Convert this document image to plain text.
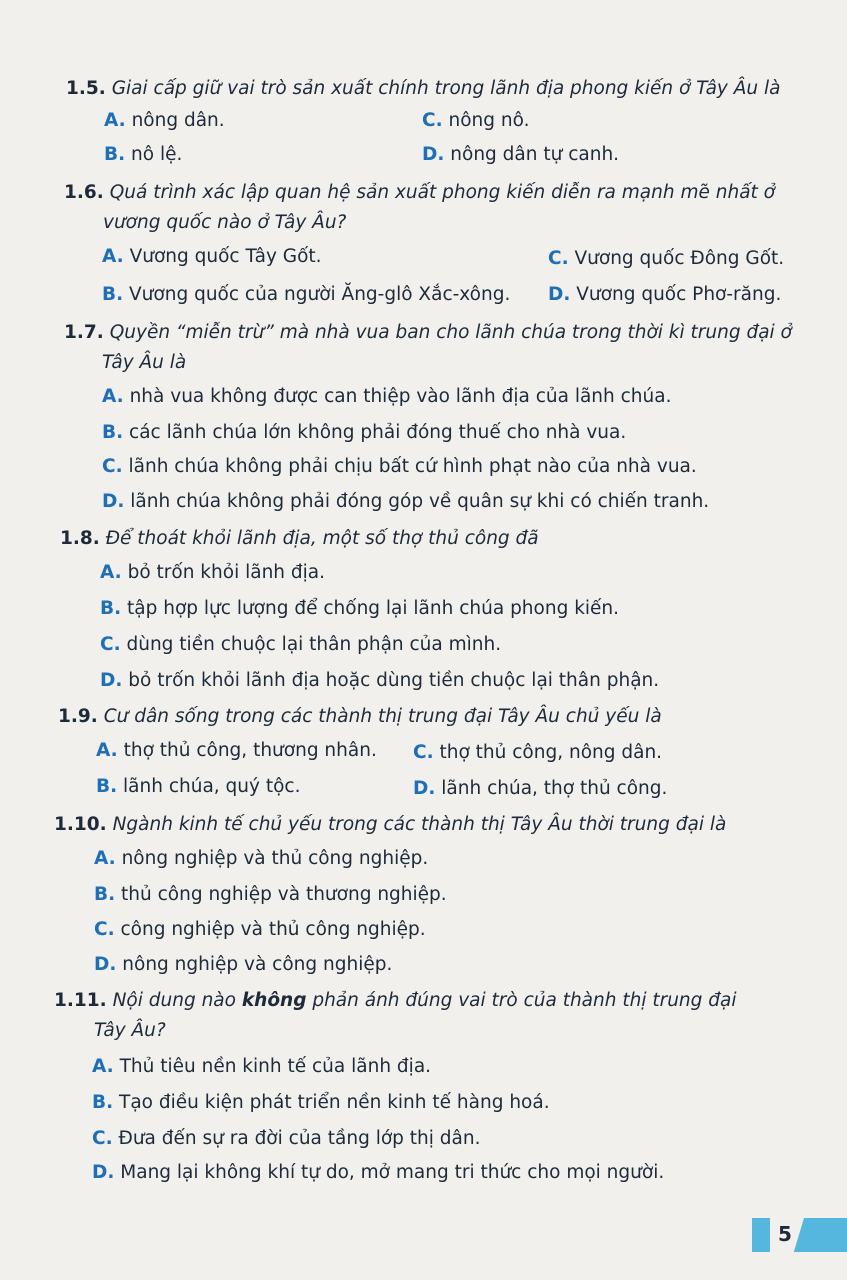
1.5. Giai cấp giữ vai trò sản xuất chính trong lãnh địa phong kiến ở Tây Âu là
A. nông dân.	C. nông nô.
B. nô lệ.	D. nông dân tự canh.
1.6. Quá trình xác lập quan hệ sản xuất phong kiến diễn ra mạnh mẽ nhất ở
vương quốc nào ở Tây Âu?
A. Vương quốc Tây Gốt.	C. Vương quốc Đông Gốt.
B. Vương quốc của người Ăng-glô Xắc-xông. D. Vương quốc Phơ-răng.
1.7. Quyền “miễn trừ” mà nhà vua ban cho lãnh chúa trong thời kì trung đại ở
Tây Âu là
A. nhà vua không được can thiệp vào lãnh địa của lãnh chúa.
B. các lãnh chúa lớn không phải đóng thuế cho nhà vua.
C. lãnh chúa không phải chịu bất cứ hình phạt nào của nhà vua.
D. lãnh chúa không phải đóng góp về quân sự khi có chiến tranh.
1.8. Để thoát khỏi lãnh địa, một số thợ thủ công đã
A. bỏ trốn khỏi lãnh địa.
B. tập hợp lực lượng để chống lại lãnh chúa phong kiến.
C. dùng tiền chuộc lại thân phận của mình.
D. bỏ trốn khỏi lãnh địa hoặc dùng tiền chuộc lại thân phận.
1.9. Cư dân sống trong các thành thị trung đại Tây Âu chủ yếu là
A. thợ thủ công, thương nhân. C. thợ thủ công, nông dân.
B. lãnh chúa, quý tộc.	D. lãnh chúa, thợ thủ công.
1.10. Ngành kinh tế chủ yếu trong các thành thị Tây Âu thời trung đại là
A. nông nghiệp và thủ công nghiệp.
B. thủ công nghiệp và thương nghiệp.
C. công nghiệp và thủ công nghiệp.
D. nông nghiệp và công nghiệp.
1.11. Nội dung nào không phản ánh đúng vai trò của thành thị trung đại
Tây Âu?
A. Thủ tiêu nền kinh tế của lãnh địa.
B. Tạo điều kiện phát triển nền kinh tế hàng hoá.
C. Đưa đến sự ra đời của tầng lớp thị dân.
D. Mang lại không khí tự do, mở mang tri thức cho mọi người.
5
